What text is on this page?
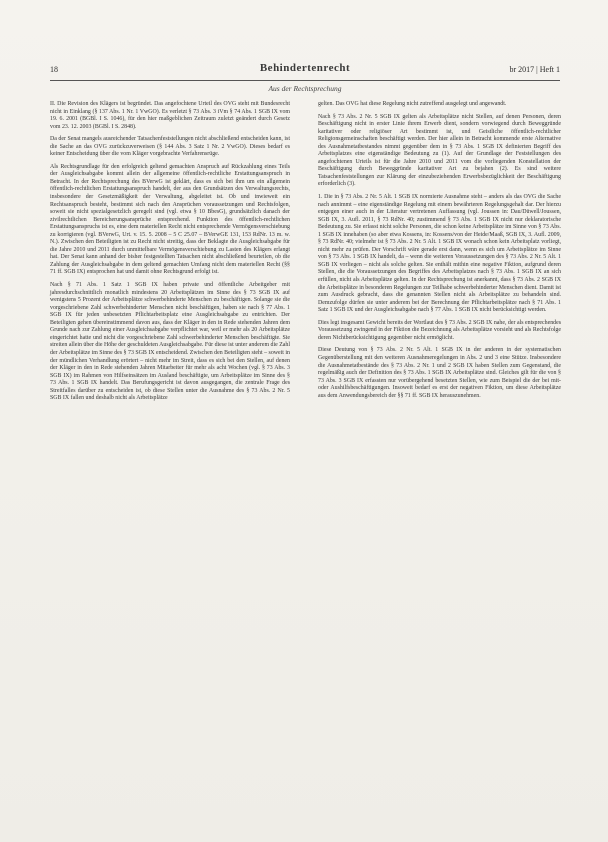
18	Behindertenrecht	br 2017 | Heft 1
Aus der Rechtsprechung

II. Die Revision des Klägers ist begründet. Das angefochtene Urteil des OVG steht mit Bundesrecht nicht in Einklang (§ 137 Abs. 1 Nr. 1 VwGO). Es verletzt § 73 Abs. 3 iVm § 74 Abs. 1 SGB IX vom 19. 6. 2001 (BGBl. I S. 1046), für den hier maßgeblichen Zeitraum zuletzt geändert durch Gesetz vom 23. 12. 2003 (BGBl. I S. 2848).

Da der Senat mangels ausreichender Tatsachenfeststellungen nicht abschließend entscheiden kann, ist die Sache an das OVG zurückzuverweisen (§ 144 Abs. 3 Satz 1 Nr. 2 VwGO). Dieses bedarf es keiner Entscheidung über die vom Kläger vorgebrachte Verfahrensrüge.

Als Rechtsgrundlage für den erfolgreich geltend gemachten Anspruch auf Rückzahlung eines Teils der Ausgleichsabgabe kommt allein der allgemeine öffentlich-rechtliche Erstattungsanspruch in Betracht. In der Rechtsprechung des BVerwG ist geklärt, dass es sich bei ihm um ein allgemein öffentlich-rechtlichen Erstattungsanspruch handelt, der aus den Grundsätzen des Verwaltungsrechts, insbesondere der Gesetzmäßigkeit der Verwaltung, abgeleitet ist. Ob und inwieweit ein Rechtsanspruch besteht, bestimmt sich nach den Ansprüchen voraussetzungen und Rechtsfolgen, soweit sie nicht spezialgesetzlich geregelt sind (vgl. etwa § 10 BbesG), grundsätzlich danach der zivilrechtlichen Bereicherungsansprüche entsprechend. Funktion des öffentlich-rechtlichen Erstattungsanspruchs ist es, eine dem materiellen Recht nicht entsprechende Vermögensverschiebung zu korrigieren (vgl. BVerwG, Urt. v. 15. 5. 2008 – 5 C 25.07 – BVerwGE 131, 153 RdNr. 13 m. w. N.). Zwischen den Beteiligten ist zu Recht nicht streitig, dass der Beklagte die Ausgleichsabgabe für die Jahre 2010 und 2011 durch unmittelbare Vermögensverschiebung zu Lasten des Klägers erlangt hat. Der Senat kann anhand der bisher festgestellten Tatsachen nicht abschließend beurteilen, ob die Zahlung der Ausgleichsabgabe in dem geltend gemachten Umfang nicht dem materiellen Recht (§§ 71 ff. SGB IX) entsprochen hat und damit ohne Rechtsgrund erfolgt ist.

Nach § 71 Abs. 1 Satz 1 SGB IX haben private und öffentliche Arbeitgeber mit jahresdurchschnittlich monatlich mindestens 20 Arbeitsplätzen im Sinne des § 73 SGB IX auf wenigstens 5 Prozent der Arbeitsplätze schwerbehinderte Menschen zu beschäftigen. Solange sie die vorgeschriebene Zahl schwerbehinderter Menschen nicht beschäftigen, haben sie nach § 77 Abs. 1 SGB IX für jeden unbesetzten Pflichtarbeitsplatz eine Ausgleichsabgabe zu entrichten. Der Beteiligten gehen übereinstimmend davon aus, dass der Kläger in den in Rede stehenden Jahren dem Grunde nach zur Zahlung einer Ausgleichsabgabe verpflichtet war, weil er mehr als 20 Arbeitsplätze eingerichtet hatte und nicht die vorgeschriebene Zahl schwerbehinderter Menschen beschäftigte. Sie streiten allein über die Höhe der geschuldeten Ausgleichsabgabe. Für diese ist unter anderem die Zahl der Arbeitsplätze im Sinne des § 73 SGB IX entscheidend. Zwischen den Beteiligten steht – soweit in der mündlichen Verhandlung erörtert – nicht mehr im Streit, dass es sich bei den Stellen, auf denen der Kläger in den in Rede stehenden Jahren Mitarbeiter für mehr als acht Wochen (vgl. § 73 Abs. 3 SGB IX) im Rahmen von Hilfseinsätzen im Ausland beschäftigte, um Arbeitsplätze im Sinne des § 73 Abs. 1 SGB IX handelt. Das Berufungsgericht ist davon ausgegangen, die zentrale Frage des Streitfalles darüber zu entscheiden ist, ob diese Stellen unter die Ausnahme des § 73 Abs. 2 Nr. 5 SGB IX fallen und deshalb nicht als Arbeitsplätze

gelten. Das OVG hat diese Regelung nicht zutreffend ausgelegt und angewandt.

Nach § 73 Abs. 2 Nr. 5 SGB IX gelten als Arbeitsplätze nicht Stellen, auf denen Personen, deren Beschäftigung nicht in erster Linie ihrem Erwerb dient, sondern vorwiegend durch Beweggründe karitativer oder religiöser Art bestimmt ist, und Geistliche öffentlich-rechtlicher Religionsgemeinschaften beschäftigt werden. Der hier allein in Betracht kommende erste Alternative des Ausnahmetatbestandes nimmt gegenüber dem in § 73 Abs. 1 SGB IX definierten Begriff des Arbeitsplatzes eine eigenständige Bedeutung zu (1). Auf der Grundlage der Feststellungen des angefochtenen Urteils ist für die Jahre 2010 und 2011 vom die vorliegenden Konstellation der Beschäftigung durch Beweggründe karitativer Art zu bejahen (2). Es sind weitere Tatsachenfeststellungen zur Klärung der einzubeziehenden Erwerbsbezüglichkeit der Beschäftigung erforderlich (3).

1. Die in § 73 Abs. 2 Nr. 5 Alt. 1 SGB IX normierte Ausnahme steht – anders als das OVG die Sache nach annimmt – eine eigenständige Regelung mit einem bewährteren Regelungsgehalt dar. Der hierzu entgegen einer auch in der Literatur vertretenen Auffassung (vgl. Joussen in: Dau/Düwell/Joussen, SGB IX, 3. Aufl. 2011, § 73 RdNr. 40; zustimmend § 73 Abs. 1 SGB IX nicht nur deklaratorische Bedeutung zu. Sie erfasst nicht solche Personen, die schon keine Arbeitsplätze im Sinne von § 73 Abs. 1 SGB IX innehaben (so aber etwa Kossens, in: Kossens/von der Heide/Maaß, SGB IX, 3. Aufl. 2009, § 73 RdNr. 40; vielmehr ist § 73 Abs. 2 Nr. 5 Alt. 1 SGB IX wonach schon kein Arbeitsplatz vorliegt, nicht mehr zu prüfen. Der Vorschrift wäre gerade erst dann, wenn es sich um Arbeitsplätze im Sinne von § 73 Abs. 1 SGB IX handelt, da – wenn die weiteren Voraussetzungen des § 73 Abs. 2 Nr. 5 Alt. 1 SGB IX vorliegen – nicht als solche gelten. Sie enthält mithin eine negative Fiktion, aufgrund deren Stellen, die die Voraussetzungen des Begriffes des Arbeitsplatzes nach § 73 Abs. 1 SGB IX an sich erfüllen, nicht als Arbeitsplätze gelten. In der Rechtsprechung ist anerkannt, dass § 73 Abs. 2 SGB IX die Arbeitsplätze in besonderen Regelungen zur Teilhabe schwerbehinderter Menschen dient. Damit ist zum Ausdruck gebracht, dass die genannten Stellen nicht als Arbeitsplätze zu behandeln sind. Demzufolge dürfen sie unter anderem bei der Berechnung der Pflichtarbeitsplätze nach § 71 Abs. 1 Satz 1 SGB IX und der Ausgleichsabgabe nach § 77 Abs. 1 SGB IX nicht berücksichtigt werden.

Dies legt insgesamt Gewicht bereits der Wortlaut des § 73 Abs. 2 SGB IX nahe, der als entsprechendes Voraussetzung zwingend in der Fiktion die Bezeichnung als Arbeitsplätze vorsieht und als Rechtsfolge deren Nichtberücksichtigung gegenüber nicht ermöglicht.

Diese Deutung von § 73 Abs. 2 Nr. 5 Alt. 1 SGB IX in der anderen in der systematischen Gegenüberstellung mit den weiteren Ausnahmeregelungen in Abs. 2 und 3 eine Stütze. Insbesondere die Ausnahmetatbestände des § 73 Abs. 2 Nr. 1 und 2 SGB IX haben Stellen zum Gegenstand, die regelmäßig auch der Definition des § 73 Abs. 1 SGB IX Arbeitsplätze sind. Gleiches gilt für die von § 73 Abs. 3 SGB IX erfassten nur vorübergehend besetzten Stellen, wie zum Beispiel die der bei mit- oder Aushilfsbeschäftigungen. Insoweit bedarf es erst der negativen Fiktion, um diese Arbeitsplätze aus dem Anwendungsbereich der §§ 71 ff. SGB IX herauszunehmen.
